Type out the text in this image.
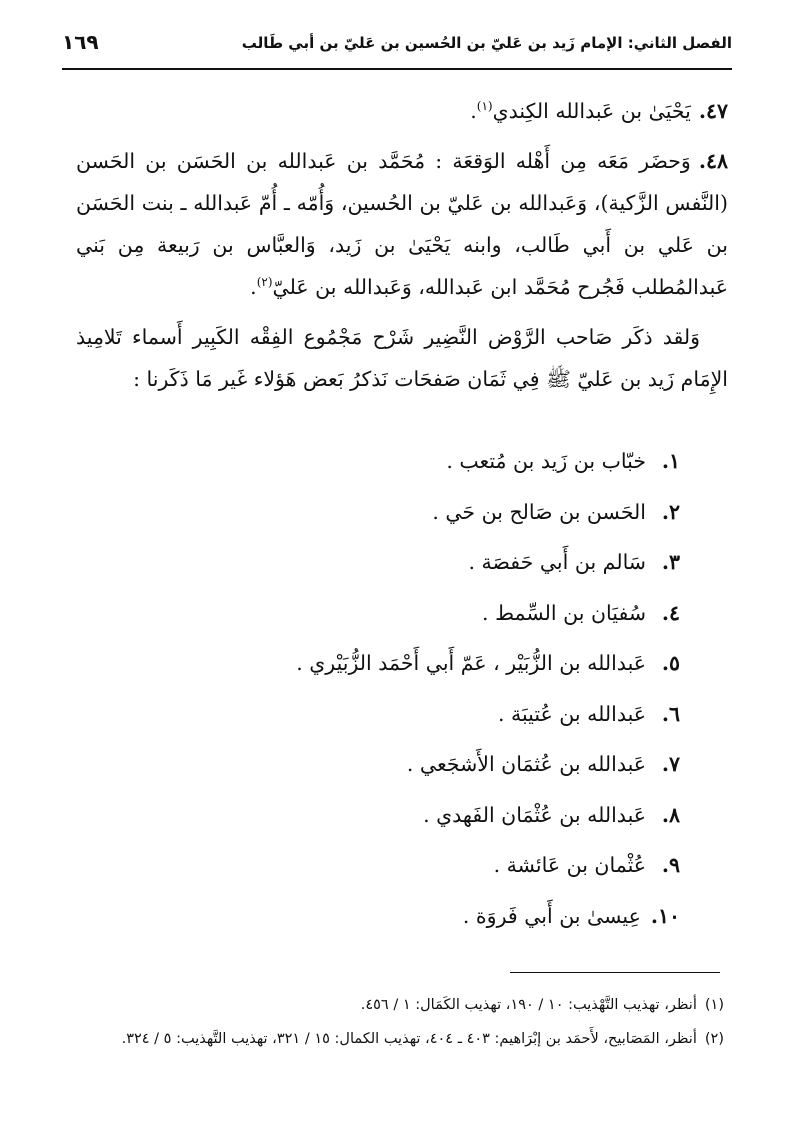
الفصل الثاني: الإمام زَيد بن عَليّ بن الحُسين بن عَليّ بن أبي طَالب
١٦٩

٤٧.يَحْيَىٰ بن عَبدالله الكِندي$^{(١)}$.

٤٨.وَحضَر مَعَه مِن أَهْله الوَقعَة : مُحَمَّد بن عَبدالله بن الحَسَن بن الحَسن (النَّفس الزَّكية)، وَعَبدالله بن عَليّ بن الحُسين، وَأُمّه ـ أُمّ عَبدالله ـ بنت الحَسَن بن عَلي بن أَبي طَالب، وابنه يَحْيَىٰ بن زَيد، وَالعبَّاس بن رَبيعة مِن بَني عَبدالمُطلب فَجُرح مُحَمَّد ابن عَبدالله، وَعَبدالله بن عَليّ$^{(٢)}$.

وَلقد ذكَر صَاحب الرَّوْض النَّضِير شَرْح مَجْمُوع الفِقْه الكَبِير أَسماء تَلامِيذ الإِمَام زَيد بن عَليّ ﷺ فِي ثَمَان صَفحَات نَذكرُ بَعض هَؤلاء غَير مَا ذَكَرنا :

١.خبّاب بن زَيد بن مُتعب .
٢.الحَسن بن صَالح بن حَي .
٣.سَالم بن أَبي حَفصَة .
٤.سُفيَان بن السِّمط .
٥.عَبدالله بن الزُّبَيْر ، عَمّ أَبي أَحْمَد الزُّبَيْري .
٦.عَبدالله بن عُتيبَة .
٧.عَبدالله بن عُثمَان الأَشجَعي .
٨.عَبدالله بن عُثْمَان الفَهدي .
٩.عُثْمان بن عَائشة .
١٠.عِيسىٰ بن أَبي فَروَة .

(١)أنظر، تهذيب التَّهْذيب: ١٠ / ١٩٠، تهذيب الكَمَال: ١ / ٤٥٦.

(٢)أنظر، المَصَابيح، لأَحمَد بن إبْرَاهيم: ٤٠٣ ـ ٤٠٤، تهذيب الكمال: ١٥ / ٣٢١، تهذيب التَّهذيب: ٥ / ٣٢٤.
